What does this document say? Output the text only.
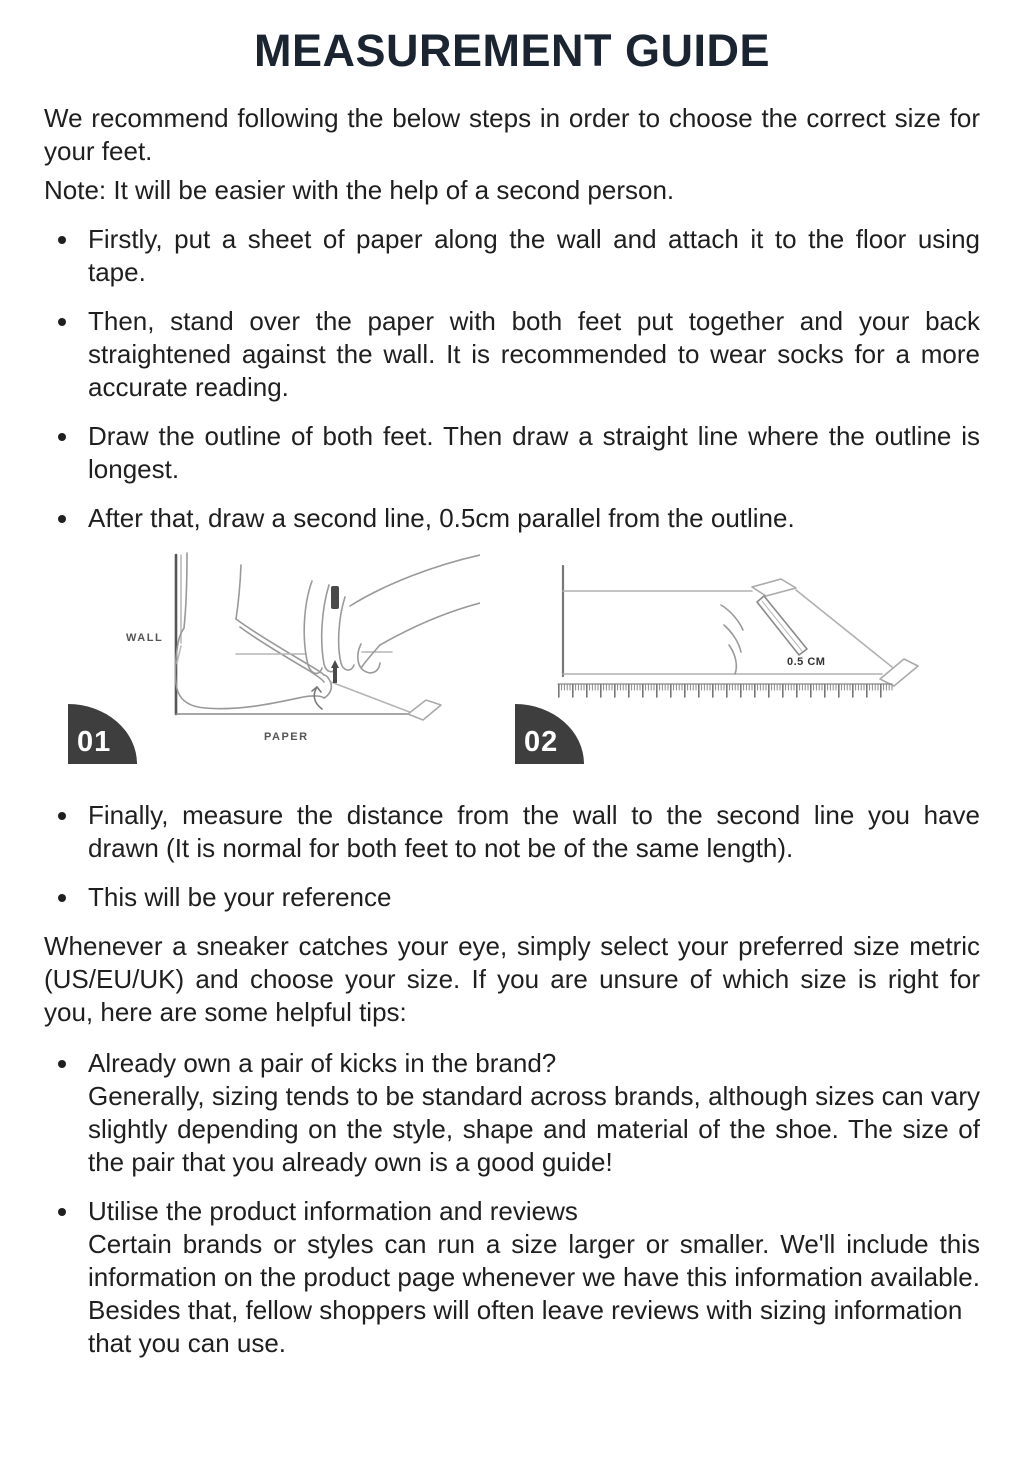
MEASUREMENT GUIDE

We recommend following the below steps in order to choose the correct size for your feet.

Note: It will be easier with the help of a second person.

Firstly, put a sheet of paper along the wall and attach it to the floor using tape.
Then, stand over the paper with both feet put together and your back straightened against the wall. It is recommended to wear socks for a more accurate reading.
Draw the outline of both feet. Then draw a straight line where the outline is longest.
After that, draw a second line, 0.5cm parallel from the outline.
WALL
PAPER
0.5 CM
01	02
Finally, measure the distance from the wall to the second line you have drawn (It is normal for both feet to not be of the same length).
This will be your reference

Whenever a sneaker catches your eye, simply select your preferred size metric (US/EU/UK) and choose your size. If you are unsure of which size is right for you, here are some helpful tips:

Already own a pair of kicks in the brand?
Generally, sizing tends to be standard across brands, although sizes can vary slightly depending on the style, shape and material of the shoe. The size of the pair that you already own is a good guide!
Utilise the product information and reviews
Certain brands or styles can run a size larger or smaller. We'll include this information on the product page whenever we have this information available. Besides that, fellow shoppers will often leave reviews with sizing information
that you can use.
